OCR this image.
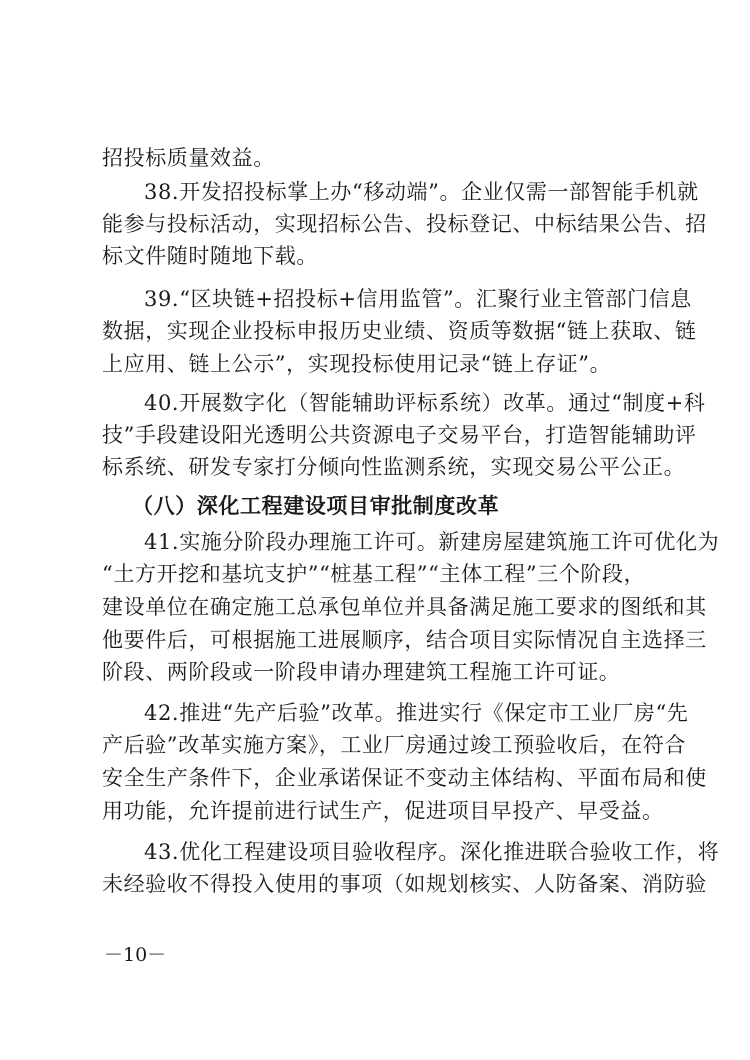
招投标质量效益。
38.开发招投标掌上办“移动端”。企业仅需一部智能手机就
能参与投标活动，实现招标公告、投标登记、中标结果公告、招
标文件随时随地下载。
39.“区块链+招投标+信用监管”。汇聚行业主管部门信息
数据，实现企业投标申报历史业绩、资质等数据“链上获取、链
上应用、链上公示”，实现投标使用记录“链上存证”。
40.开展数字化（智能辅助评标系统）改革。通过“制度+科
技”手段建设阳光透明公共资源电子交易平台，打造智能辅助评
标系统、研发专家打分倾向性监测系统，实现交易公平公正。
（八）深化工程建设项目审批制度改革
41.实施分阶段办理施工许可。新建房屋建筑施工许可优化为
“土方开挖和基坑支护”“桩基工程”“主体工程”三个阶段，
建设单位在确定施工总承包单位并具备满足施工要求的图纸和其
他要件后，可根据施工进展顺序，结合项目实际情况自主选择三
阶段、两阶段或一阶段申请办理建筑工程施工许可证。
42.推进“先产后验”改革。推进实行《保定市工业厂房“先
产后验”改革实施方案》，工业厂房通过竣工预验收后，在符合
安全生产条件下，企业承诺保证不变动主体结构、平面布局和使
用功能，允许提前进行试生产，促进项目早投产、早受益。
43.优化工程建设项目验收程序。深化推进联合验收工作，将
未经验收不得投入使用的事项（如规划核实、人防备案、消防验
－10－
